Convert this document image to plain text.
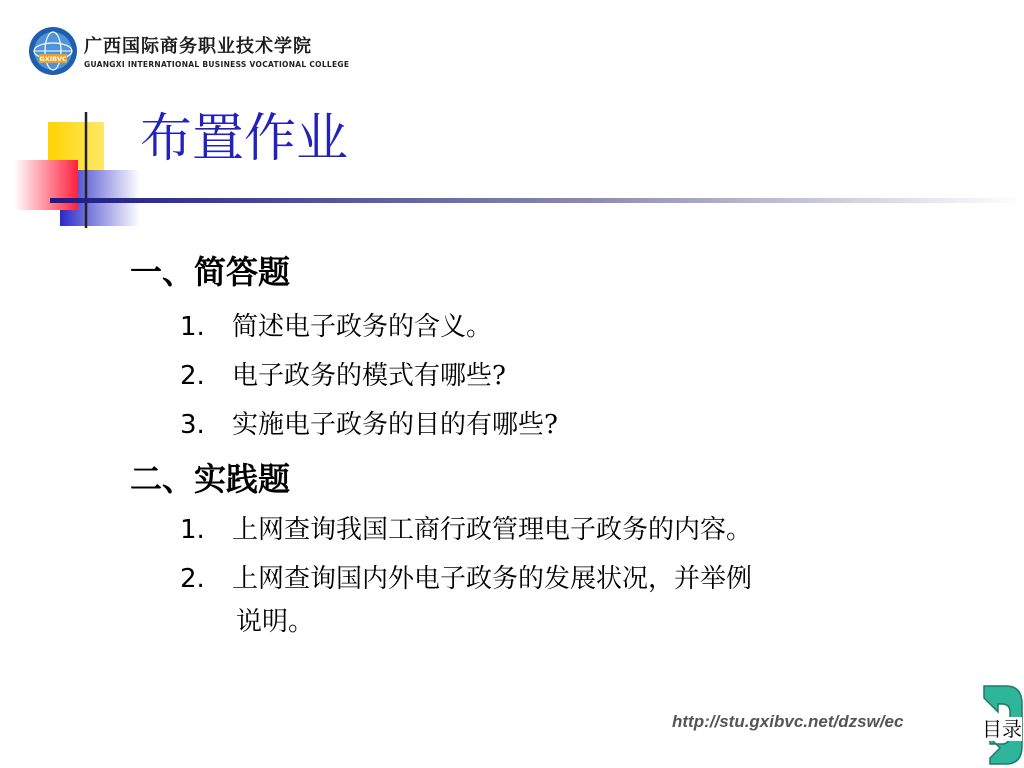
GXIBVC
广西国际商务职业技术学院
GUANGXI INTERNATIONAL BUSINESS VOCATIONAL COLLEGE
布置作业
一、简答题
1. 简述电子政务的含义。
2. 电子政务的模式有哪些?
3. 实施电子政务的目的有哪些?
二、实践题
1. 上网查询我国工商行政管理电子政务的内容。
2. 上网查询国内外电子政务的发展状况，并举例
说明。
http://stu.gxibvc.net/dzsw/ec	目录
